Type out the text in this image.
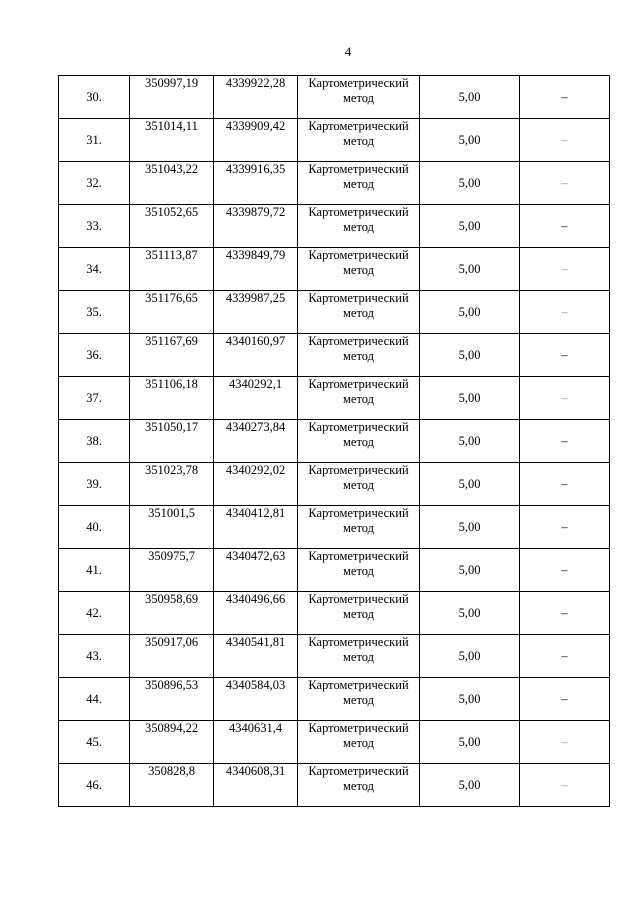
4
30.	350997,19	4339922,28	Картометрический
метод	5,00	–
31.	351014,11	4339909,42	Картометрический
метод	5,00	–
32.	351043,22	4339916,35	Картометрический
метод	5,00	–
33.	351052,65	4339879,72	Картометрический
метод	5,00	–
34.	351113,87	4339849,79	Картометрический
метод	5,00	–
35.	351176,65	4339987,25	Картометрический
метод	5,00	–
36.	351167,69	4340160,97	Картометрический
метод	5,00	–
37.	351106,18	4340292,1	Картометрический
метод	5,00	–
38.	351050,17	4340273,84	Картометрический
метод	5,00	–
39.	351023,78	4340292,02	Картометрический
метод	5,00	–
40.	351001,5	4340412,81	Картометрический
метод	5,00	–
41.	350975,7	4340472,63	Картометрический
метод	5,00	–
42.	350958,69	4340496,66	Картометрический
метод	5,00	–
43.	350917,06	4340541,81	Картометрический
метод	5,00	–
44.	350896,53	4340584,03	Картометрический
метод	5,00	–
45.	350894,22	4340631,4	Картометрический
метод	5,00	–
46.	350828,8	4340608,31	Картометрический
метод	5,00	–
